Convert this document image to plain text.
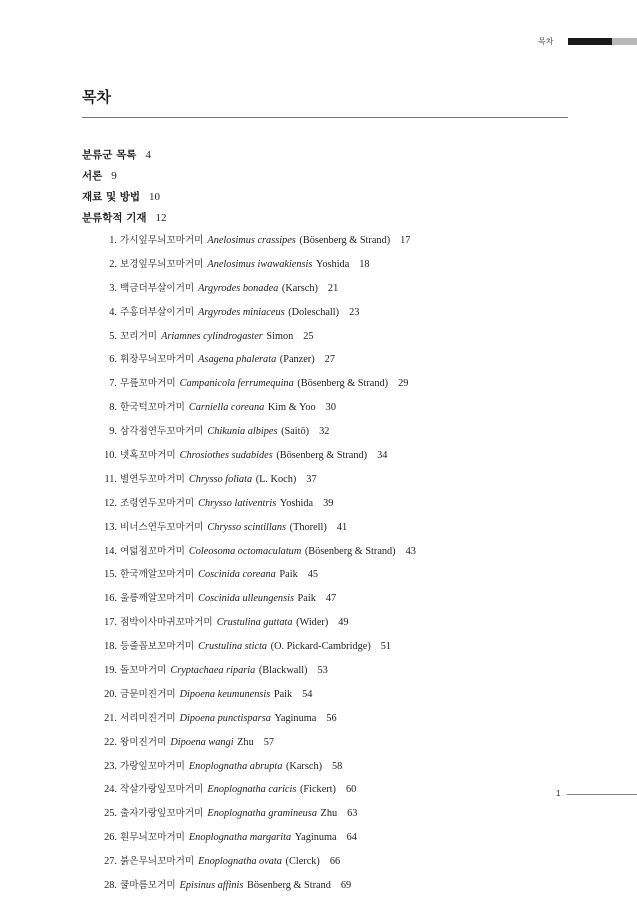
목차
목차
분류군 목록 4
서론 9
재료 및 방법 10
분류학적 기재 12
1. 가시잎무늬꼬마거미 Anelosimus crassipes (Bösenberg & Strand) 17
2. 보경잎무늬꼬마거미 Anelosimus iwawakiensis Yoshida 18
3. 백금더부살이거미 Argyrodes bonadea (Karsch) 21
4. 주홍더부살이거미 Argyrodes miniaceus (Doleschall) 23
5. 꼬리거미 Ariamnes cylindrogaster Simon 25
6. 휘장무늬꼬마거미 Asagena phalerata (Panzer) 27
7. 무릎꼬마거미 Campanicola ferrumequina (Bösenberg & Strand) 29
8. 한국턱꼬마거미 Carniella coreana Kim & Yoo 30
9. 삼각점연두꼬마거미 Chikunia albipes (Saitō) 32
10. 넷혹꼬마거미 Chrosiothes sudabides (Bösenberg & Strand) 34
11. 별연두꼬마거미 Chrysso foliata (L. Koch) 37
12. 조령연두꼬마거미 Chrysso lativentris Yoshida 39
13. 비너스연두꼬마거미 Chrysso scintillans (Thorell) 41
14. 여덟점꼬마거미 Coleosoma octomaculatum (Bösenberg & Strand) 43
15. 한국깨알꼬마거미 Coscinida coreana Paik 45
16. 울릉깨알꼬마거미 Coscinida ulleungensis Paik 47
17. 점박이사마귀꼬마거미 Crustulina guttata (Wider) 49
18. 등줄꼽보꼬마거미 Crustulina sticta (O. Pickard-Cambridge) 51
19. 돌꼬마거미 Cryptachaea riparia (Blackwall) 53
20. 금문미진거미 Dipoena keumunensis Paik 54
21. 서리미진거미 Dipoena punctisparsa Yaginuma 56
22. 왕미진거미 Dipoena wangi Zhu 57
23. 가랑잎꼬마거미 Enoplognatha abrupta (Karsch) 58
24. 작살가랑잎꼬마거미 Enoplognatha caricis (Fickert) 60
25. 출자가랑잎꼬마거미 Enoplognatha gramineusa Zhu 63
26. 흰무늬꼬마거미 Enoplognatha margarita Yaginuma 64
27. 붉은무늬꼬마거미 Enoplognatha ovata (Clerck) 66
28. 쿨마름모거미 Episinus affinis Bösenberg & Strand 69
1
